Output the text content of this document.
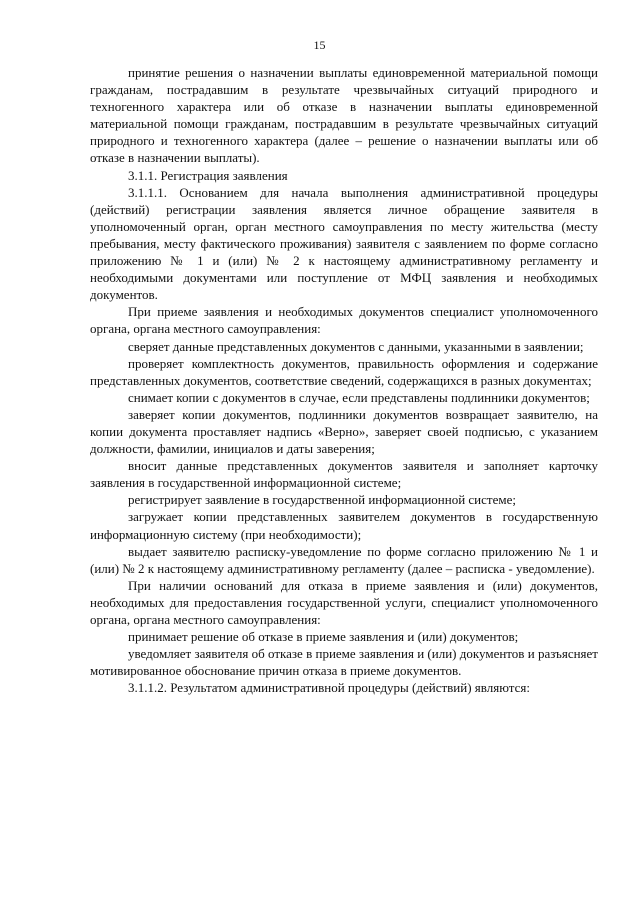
15

принятие решения о назначении выплаты единовременной материальной помощи гражданам, пострадавшим в результате чрезвычайных ситуаций природного и техногенного характера или об отказе в назначении выплаты единовременной материальной помощи гражданам, пострадавшим в результате чрезвычайных ситуаций природного и техногенного характера (далее – решение о назначении выплаты или об отказе в назначении выплаты).

3.1.1. Регистрация заявления

3.1.1.1. Основанием для начала выполнения административной процедуры (действий) регистрации заявления является личное обращение заявителя в уполномоченный орган, орган местного самоуправления по месту жительства (месту пребывания, месту фактического проживания) заявителя с заявлением по форме согласно приложению № 1 и (или) № 2 к настоящему административному регламенту и необходимыми документами или поступление от МФЦ заявления и необходимых документов.

При приеме заявления и необходимых документов специалист уполномоченного органа, органа местного самоуправления:

сверяет данные представленных документов с данными, указанными в заявлении;

проверяет комплектность документов, правильность оформления и содержание представленных документов, соответствие сведений, содержащихся в разных документах;

снимает копии с документов в случае, если представлены подлинники документов;

заверяет копии документов, подлинники документов возвращает заявителю, на копии документа проставляет надпись «Верно», заверяет своей подписью, с указанием должности, фамилии, инициалов и даты заверения;

вносит данные представленных документов заявителя и заполняет карточку заявления в государственной информационной системе;

регистрирует заявление в государственной информационной системе;

загружает копии представленных заявителем документов в государственную информационную систему (при необходимости);

выдает заявителю расписку-уведомление по форме согласно приложению № 1 и (или) № 2 к настоящему административному регламенту (далее – расписка - уведомление).

При наличии оснований для отказа в приеме заявления и (или) документов, необходимых для предоставления государственной услуги, специалист уполномоченного органа, органа местного самоуправления:

принимает решение об отказе в приеме заявления и (или) документов;

уведомляет заявителя об отказе в приеме заявления и (или) документов и разъясняет мотивированное обоснование причин отказа в приеме документов.

3.1.1.2. Результатом административной процедуры (действий) являются:
